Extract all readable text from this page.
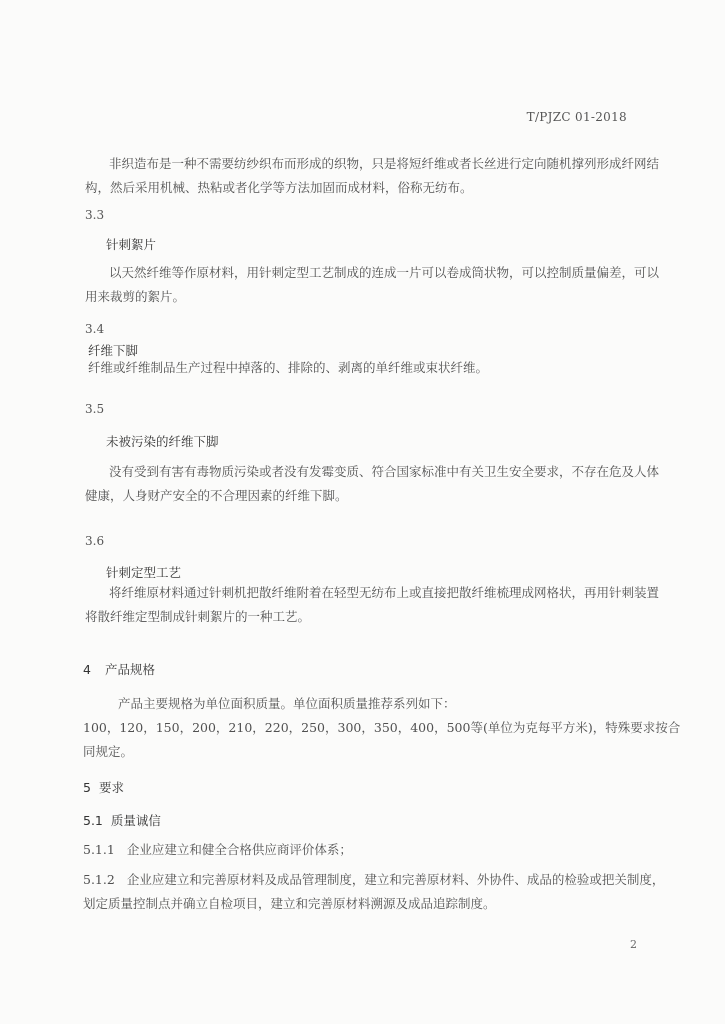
T/PJZC 01-2018
非织造布是一种不需要纺纱织布而形成的织物，只是将短纤维或者长丝进行定向随机撑列形成纤网结构，然后采用机械、热粘或者化学等方法加固而成材料，俗称无纺布。
3.3
针刺絮片
以天然纤维等作原材料，用针刺定型工艺制成的连成一片可以卷成筒状物，可以控制质量偏差，可以用来裁剪的絮片。
3.4
纤维下脚
纤维或纤维制品生产过程中掉落的、排除的、剥离的单纤维或束状纤维。
3.5
未被污染的纤维下脚
没有受到有害有毒物质污染或者没有发霉变质、符合国家标准中有关卫生安全要求，不存在危及人体健康，人身财产安全的不合理因素的纤维下脚。
3.6
针刺定型工艺
将纤维原材料通过针刺机把散纤维附着在轻型无纺布上或直接把散纤维梳理成网格状，再用针刺装置将散纤维定型制成针刺絮片的一种工艺。
4 产品规格
产品主要规格为单位面积质量。单位面积质量推荐系列如下：
100，120，150，200，210，220，250，300，350，400，500等(单位为克每平方米)，特殊要求按合同规定。
5 要求
5.1 质量诚信
5.1.1 企业应建立和健全合格供应商评价体系；
5.1.2 企业应建立和完善原材料及成品管理制度，建立和完善原材料、外协件、成品的检验或把关制度，划定质量控制点并确立自检项目，建立和完善原材料溯源及成品追踪制度。
2
